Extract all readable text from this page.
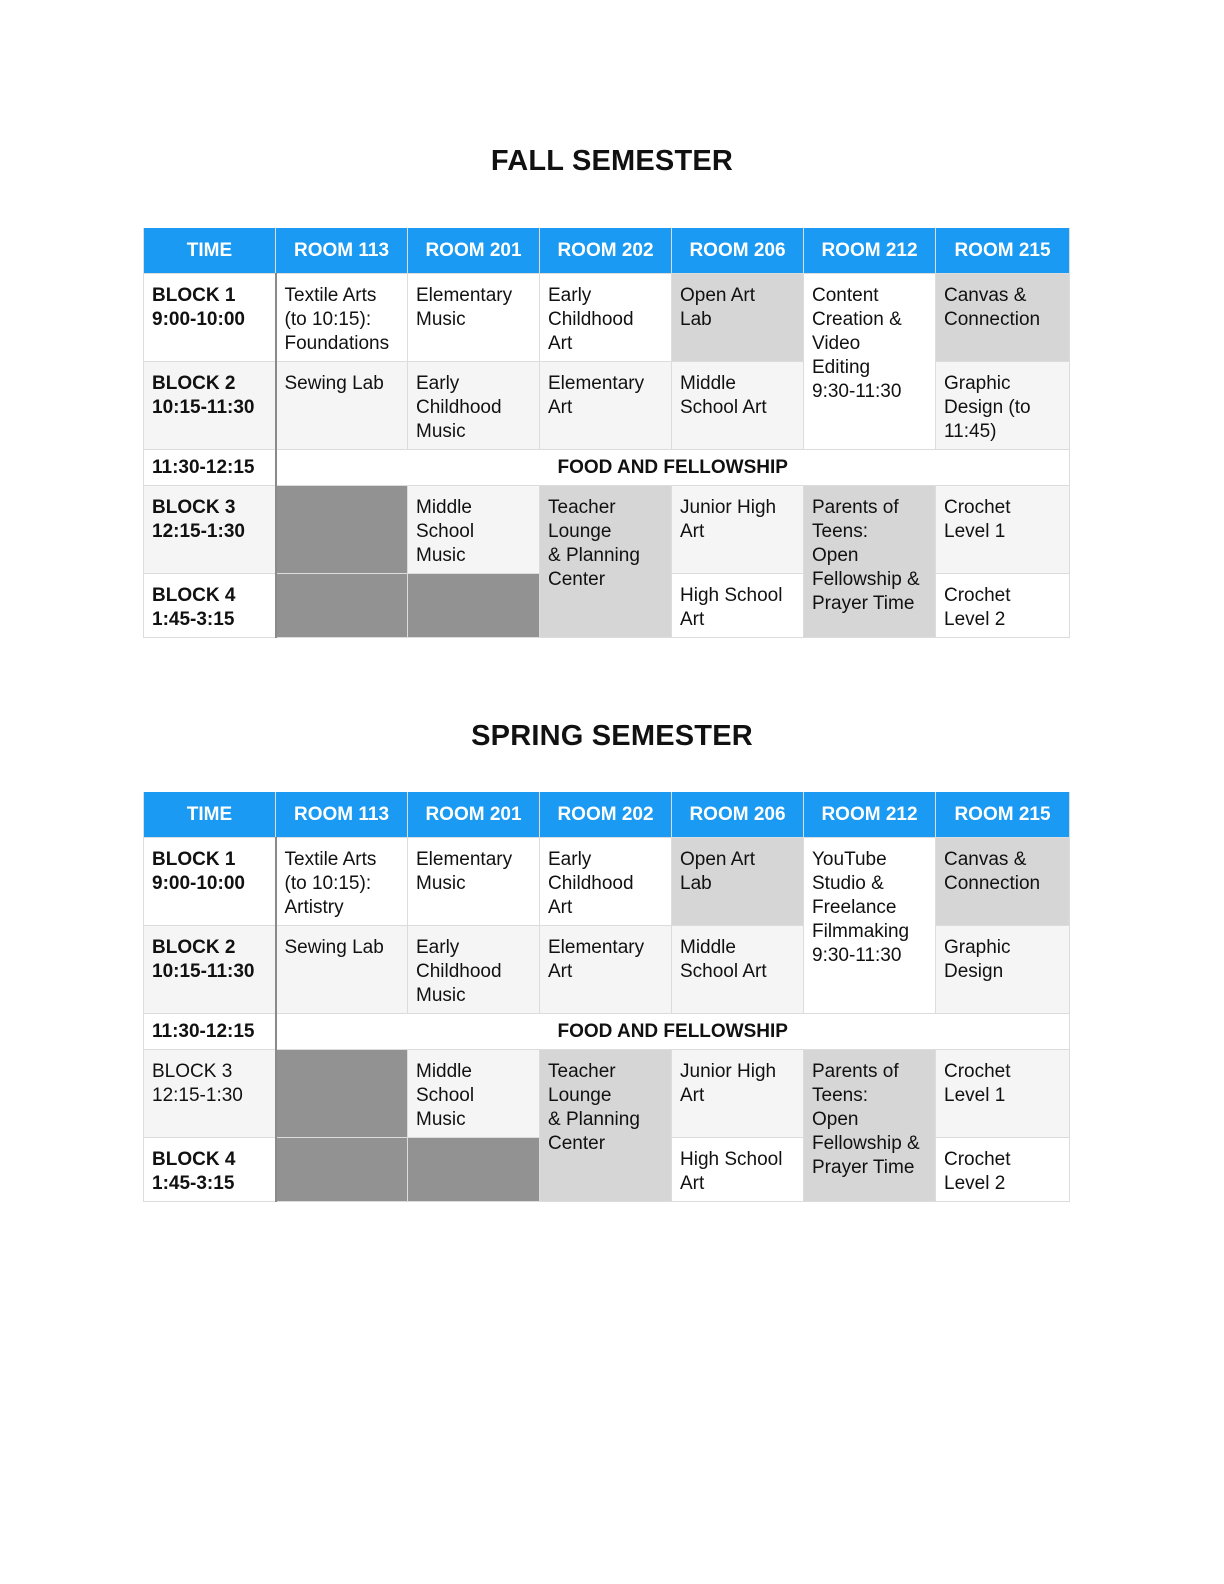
FALL SEMESTER
TIME	ROOM 113	ROOM 201	ROOM 202	ROOM 206	ROOM 212	ROOM 215
BLOCK 1
9:00-10:00	Textile Arts
(to 10:15):
Foundations	Elementary
Music	Early
Childhood
Art	Open Art
Lab	Content
Creation &
Video
Editing
9:30-11:30	Canvas &
Connection
BLOCK 2
10:15-11:30	Sewing Lab	Early
Childhood
Music	Elementary
Art	Middle
School Art		Graphic
Design (to
11:45)
11:30-12:15	FOOD AND FELLOWSHIP					
BLOCK 3
12:15-1:30		Middle
School
Music	Teacher
Lounge
& Planning
Center	Junior High
Art	Parents of
Teens:
Open
Fellowship &
Prayer Time	Crochet
Level 1
BLOCK 4
1:45-3:15				High School
Art		Crochet
Level 2
SPRING SEMESTER
TIME	ROOM 113	ROOM 201	ROOM 202	ROOM 206	ROOM 212	ROOM 215
BLOCK 1
9:00-10:00	Textile Arts
(to 10:15):
Artistry	Elementary
Music	Early
Childhood
Art	Open Art
Lab	YouTube
Studio &
Freelance
Filmmaking
9:30-11:30	Canvas &
Connection
BLOCK 2
10:15-11:30	Sewing Lab	Early
Childhood
Music	Elementary
Art	Middle
School Art		Graphic
Design
11:30-12:15	FOOD AND FELLOWSHIP					
BLOCK 3
12:15-1:30		Middle
School
Music	Teacher
Lounge
& Planning
Center	Junior High
Art	Parents of
Teens:
Open
Fellowship &
Prayer Time	Crochet
Level 1
BLOCK 4
1:45-3:15				High School
Art		Crochet
Level 2
